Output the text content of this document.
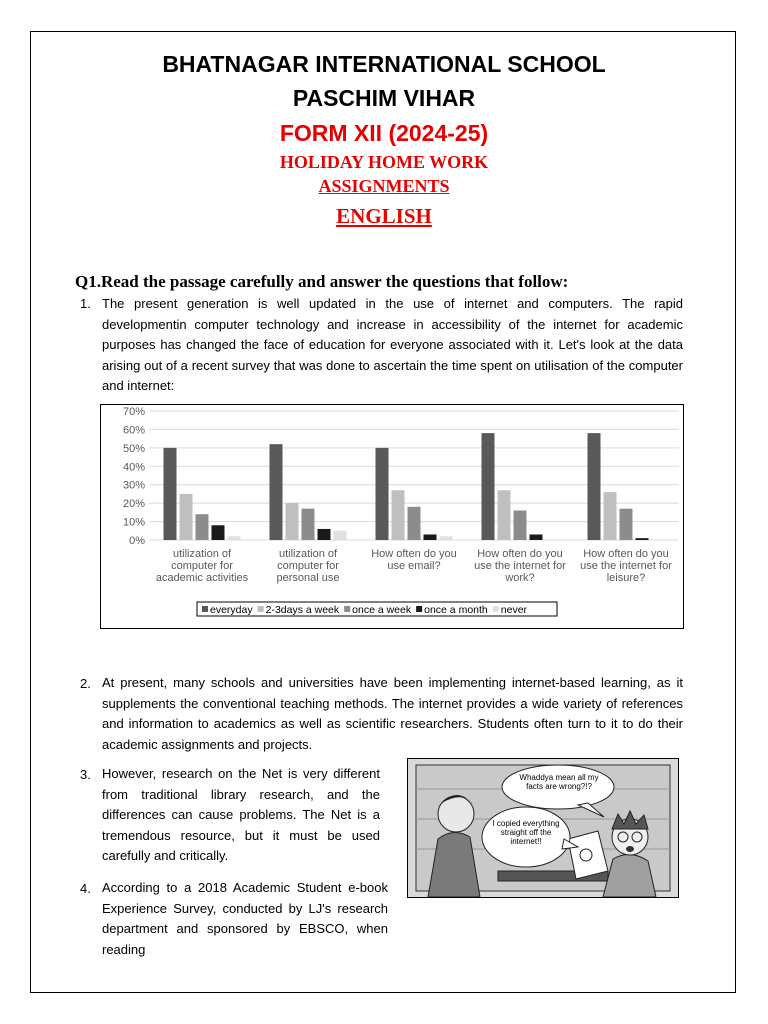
BHATNAGAR INTERNATIONAL SCHOOL
PASCHIM VIHAR
FORM XII (2024-25)
HOLIDAY HOME WORK
ASSIGNMENTS
ENGLISH
Q1.Read the passage carefully and answer the questions that follow:
1. The present generation is well updated in the use of internet and computers. The rapid developmentin computer technology and increase in accessibility of the internet for academic purposes has changed the face of education for everyone associated with it. Let's look at the data arising out of a recent survey that was done to ascertain the time spent on utilisation of the computer and internet:
0%
10%
20%
30%
40%
50%
60%
70%
utilization of
computer for
academic activities
utilization of
computer for
personal use
How often do you
use email?
How often do you
use the internet for
work?
How often do you
use the internet for
leisure?
everyday 2-3days a week once a week once a month never
2. At present, many schools and universities have been implementing internet-based learning, as it supplements the conventional teaching methods. The internet provides a wide variety of references and information to academics as well as scientific researchers. Students often turn to it to do their academic assignments and projects.
3. However, research on the Net is very different from traditional library research, and the differences can cause problems. The Net is a tremendous resource, but it must be used carefully and critically.
4. According to a 2018 Academic Student e-book Experience Survey, conducted by LJ's research department and sponsored by EBSCO, when reading
Whaddya mean all my facts are wrong?!?
I copied everything straight off the internet!!
